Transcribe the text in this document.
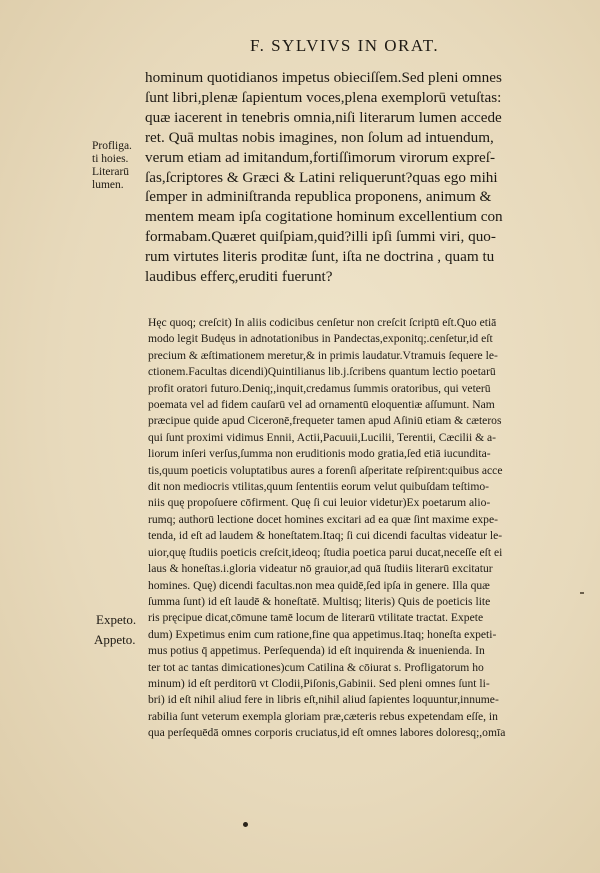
F. SYLVIVS IN ORAT.
Profliga.
ti hoies.
Literarū
lumen.
hominum quotidianos impetus obieciſſem.Sed pleni omnes
ſunt libri,plenæ ſapientum voces,plena exemplorū vetuſtas:
quæ iacerent in tenebris omnia,niſi literarum lumen accede
ret. Quā multas nobis imagines, non ſolum ad intuendum,
verum etiam ad imitandum,fortiſſimorum virorum expreſ-
ſas,ſcriptores & Græci & Latini reliquerunt?quas ego mihi
ſemper in adminiſtranda republica proponens, animum &
mentem meam ipſa cogitatione hominum excellentium con
formabam.Quæret quiſpiam,quid?illi ipſi ſummi viri, quo-
rum virtutes literis proditæ ſunt, iſta ne doctrina , quam tu
laudibus efferς,eruditi fuerunt?
Hęc quoq; creſcit) In aliis codicibus cenſetur non creſcit ſcriptū eſt.Quo etiā
modo legit Budęus in adnotationibus in Pandectas,exponitq;.cenſetur,id eſt
precium & æſtimationem meretur,& in primis laudatur.Vtramuis ſequere le-
ctionem.Facultas dicendi)Quintilianus lib.j.ſcribens quantum lectio poetarū
profit oratori futuro.Deniq;,inquit,credamus ſummis oratoribus, qui veterū
poemata vel ad fidem cauſarū vel ad ornamentū eloquentiæ aſſumunt. Nam
præcipue quide apud Ciceronē,frequeter tamen apud Aſiniū etiam & cæteros
qui ſunt proximi vidimus Ennii, Actii,Pacuuii,Lucilii, Terentii, Cæcilii & a-
liorum inſeri verſus,ſumma non eruditionis modo gratia,ſed etiā iucundita-
tis,quum poeticis voluptatibus aures a forenſi aſperitate reſpirent:quibus acce
dit non mediocris vtilitas,quum ſententiis eorum velut quibuſdam teſtimo-
niis quę propoſuere cōfirment. Quę ſi cui leuior videtur)Ex poetarum alio-
rumq; authorū lectione docet homines excitari ad ea quæ ſint maxime expe-
tenda, id eſt ad laudem & honeſtatem.Itaq; ſi cui dicendi facultas videatur le-
uior,quę ſtudiis poeticis creſcit,ideoq; ſtudia poetica parui ducat,neceſſe eſt ei
laus & honeſtas.i.gloria videatur nō grauior,ad quā ſtudiis literarū excitatur
homines. Quę) dicendi facultas.non mea quidē,ſed ipſa in genere. Illa quæ
ſumma ſunt) id eſt laudē & honeſtatē. Multisq; literis) Quis de poeticis lite
ris pręcipue dicat,cōmune tamē locum de literarū vtilitate tractat. Expete
dum) Expetimus enim cum ratione,fine qua appetimus.Itaq; honeſta expeti-
mus potius q̄ appetimus. Perſequenda) id eſt inquirenda & inuenienda. In
ter tot ac tantas dimicationes)cum Catilina & cōiurat s. Profligatorum ho
minum) id eſt perditorū vt Clodii,Piſonis,Gabinii. Sed pleni omnes ſunt li-
bri) id eſt nihil aliud fere in libris eſt,nihil aliud ſapientes loquuntur,innume-
rabilia ſunt veterum exempla gloriam præ,cæteris rebus expetendam eſſe, in
qua perſequēdā omnes corporis cruciatus,id eſt omnes labores doloresq;,omīa
Expeto.
Appeto.
